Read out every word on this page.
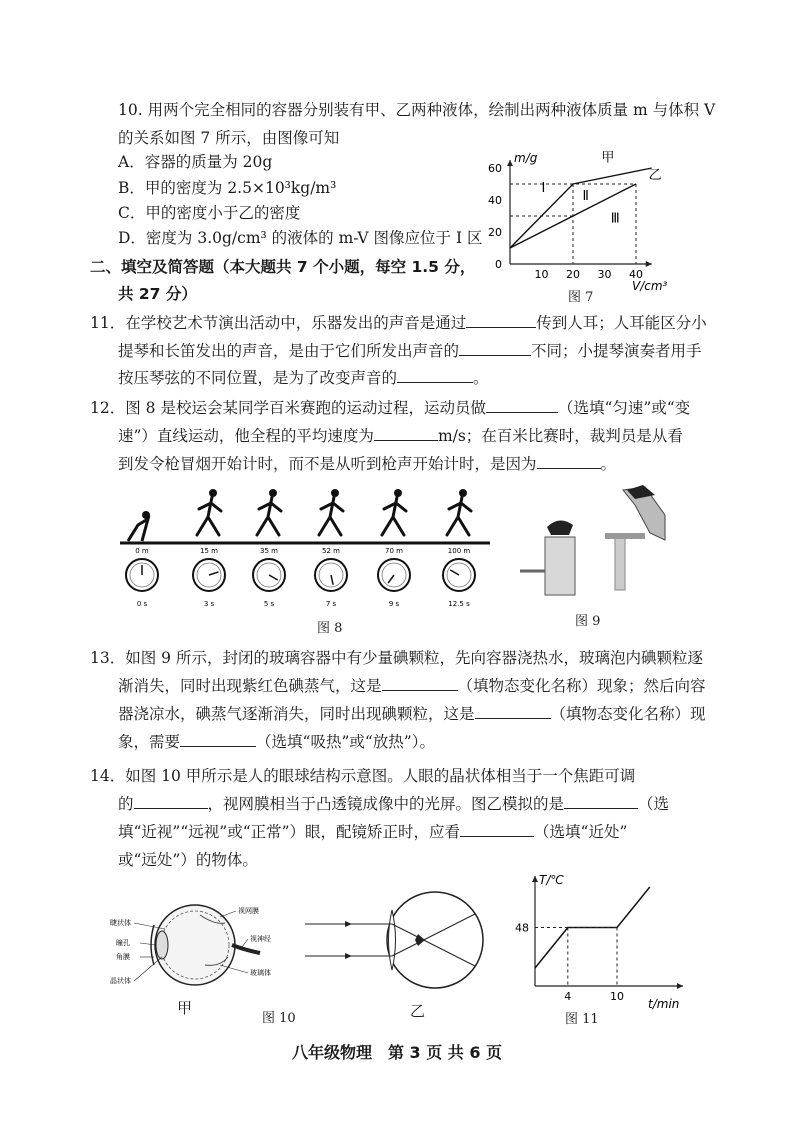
10. 用两个完全相同的容器分别装有甲、乙两种液体，绘制出两种液体质量 m 与体积 V
的关系如图 7 所示，由图像可知
A．容器的质量为 20g
B．甲的密度为 2.5×10³kg/m³
C．甲的密度小于乙的密度
D．密度为 3.0g/cm³ 的液体的 m-V 图像应位于 Ⅰ 区
二、填空及简答题（本大题共 7 个小题，每空 1.5 分，
共 27 分）
20
40
60
0
10 20 30 40
甲
乙
Ⅰ
Ⅱ
Ⅲ
m/g
V/cm³
图 7
11．在学校艺术节演出活动中，乐器发出的声音是通过	传到人耳；人耳能区分小
提琴和长笛发出的声音，是由于它们所发出声音的	不同；小提琴演奏者用手
按压琴弦的不同位置，是为了改变声音的	。
12．图 8 是校运会某同学百米赛跑的运动过程，运动员做	（选填“匀速”或“变
速”）直线运动，他全程的平均速度为	m/s；在百米比赛时，裁判员是从看
到发令枪冒烟开始计时，而不是从听到枪声开始计时，是因为	。
0 m
0 s
15 m
3 s
35 m
5 s
52 m
7 s
70 m
9 s
100 m
12.5 s
图 8	图 9
13．如图 9 所示，封闭的玻璃容器中有少量碘颗粒，先向容器浇热水，玻璃泡内碘颗粒逐
渐消失，同时出现紫红色碘蒸气，这是	（填物态变化名称）现象；然后向容
器浇凉水，碘蒸气逐渐消失，同时出现碘颗粒，这是	（填物态变化名称）现
象，需要	（选填“吸热”或“放热”）。
14．如图 10 甲所示是人的眼球结构示意图。人眼的晶状体相当于一个焦距可调
的	，视网膜相当于凸透镜成像中的光屏。图乙模拟的是	（选
填“近视”“远视”或“正常”）眼，配镜矫正时，应看	（选填“近处”
或“远处”）的物体。
睫状体
瞳孔
角膜
晶状体
视网膜
视神经
玻璃体
甲
图 10	乙
48
4	10
T/℃
t/min
图 11
八年级物理　第 3 页 共 6 页
